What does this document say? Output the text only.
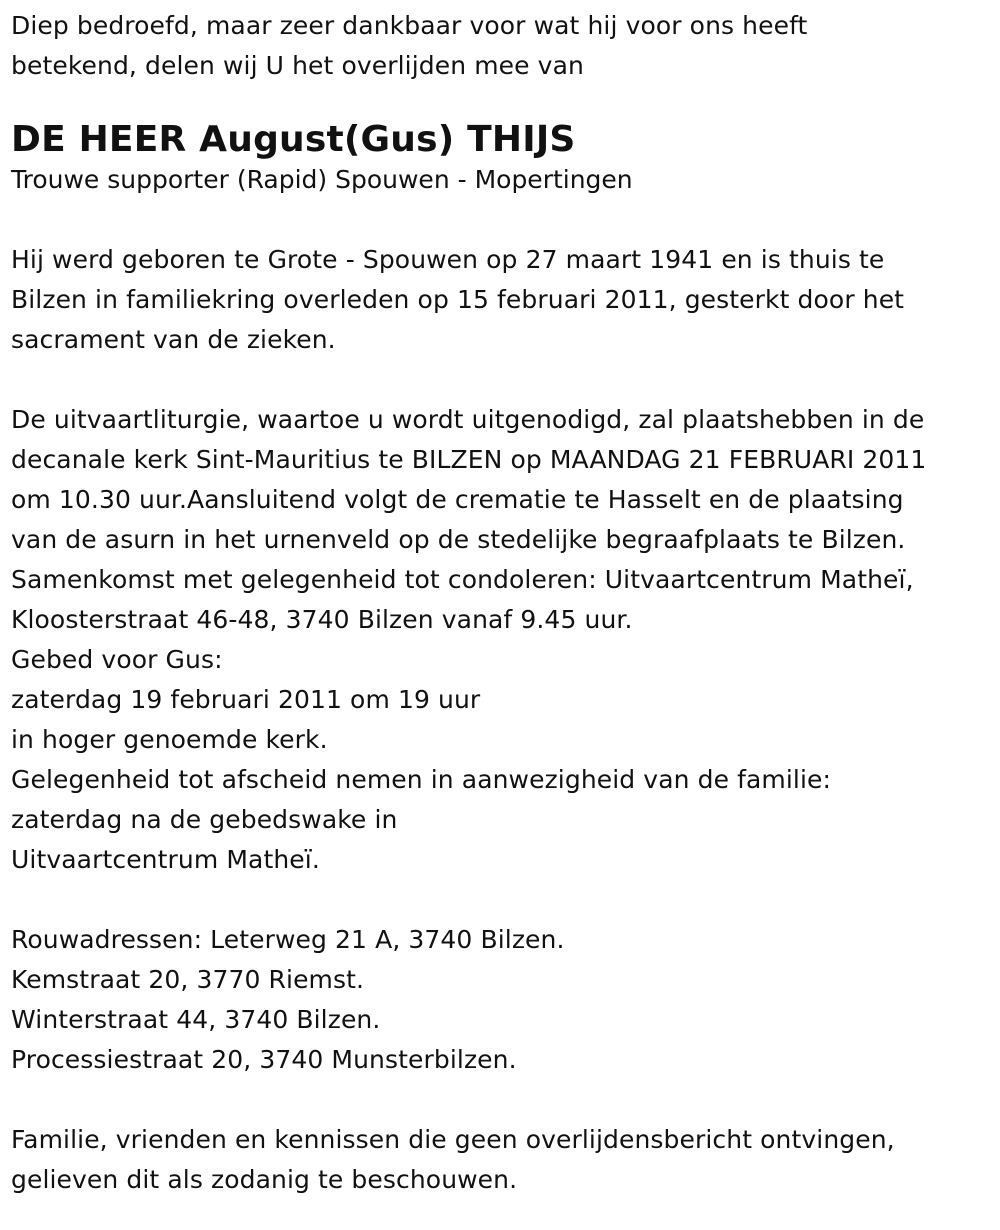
Diep bedroefd, maar zeer dankbaar voor wat hij voor ons heeft
betekend, delen wij U het overlijden mee van
DE HEER August(Gus) THIJS
Trouwe supporter (Rapid) Spouwen - Mopertingen
Hij werd geboren te Grote - Spouwen op 27 maart 1941 en is thuis te
Bilzen in familiekring overleden op 15 februari 2011, gesterkt door het
sacrament van de zieken.
De uitvaartliturgie, waartoe u wordt uitgenodigd, zal plaatshebben in de
decanale kerk Sint-Mauritius te BILZEN op MAANDAG 21 FEBRUARI 2011
om 10.30 uur.Aansluitend volgt de crematie te Hasselt en de plaatsing
van de asurn in het urnenveld op de stedelijke begraafplaats te Bilzen.
Samenkomst met gelegenheid tot condoleren: Uitvaartcentrum Matheï,
Kloosterstraat 46-48, 3740 Bilzen vanaf 9.45 uur.
Gebed voor Gus:
zaterdag 19 februari 2011 om 19 uur
in hoger genoemde kerk.
Gelegenheid tot afscheid nemen in aanwezigheid van de familie:
zaterdag na de gebedswake in
Uitvaartcentrum Matheï.
Rouwadressen: Leterweg 21 A, 3740 Bilzen.
Kemstraat 20, 3770 Riemst.
Winterstraat 44, 3740 Bilzen.
Processiestraat 20, 3740 Munsterbilzen.
Familie, vrienden en kennissen die geen overlijdensbericht ontvingen,
gelieven dit als zodanig te beschouwen.
